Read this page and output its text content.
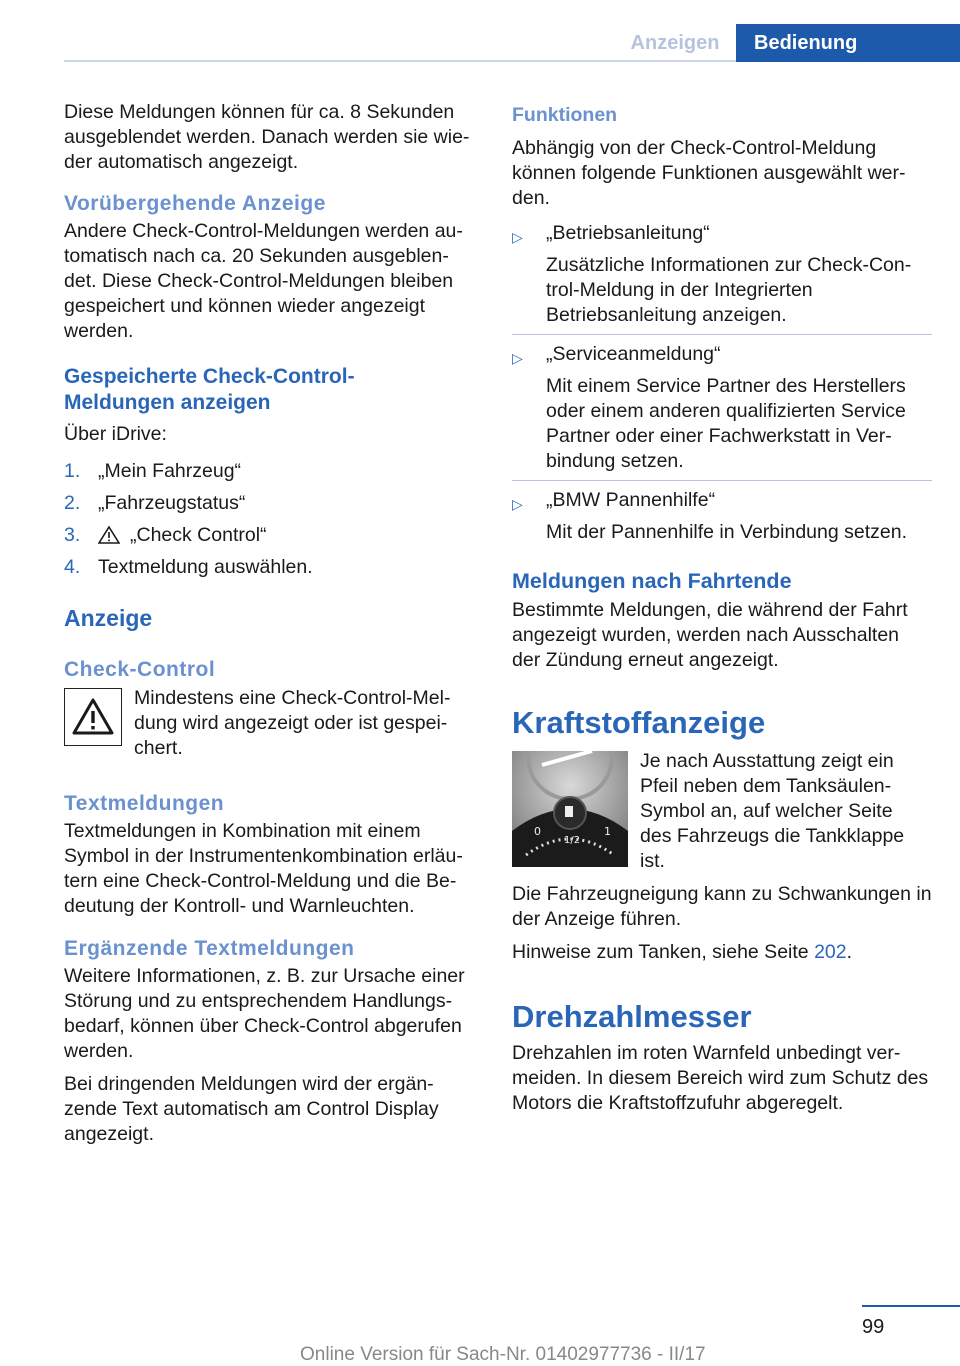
Anzeigen	Bedienung

Diese Meldungen können für ca. 8 Sekunden ausgeblendet werden. Danach werden sie wie- der automatisch angezeigt.

Vorübergehende Anzeige

Andere Check-Control-Meldungen werden au- tomatisch nach ca. 20 Sekunden ausgeblen- det. Diese Check-Control-Meldungen bleiben gespeichert und können wieder angezeigt werden.

Gespeicherte Check-Control- Meldungen anzeigen

Über iDrive:

1. „Mein Fahrzeug“
2. „Fahrzeugstatus“
3.	„Check Control“
4. Textmeldung auswählen.
Anzeige
Check-Control

Mindestens eine Check-Control-Mel- dung wird angezeigt oder ist gespei- chert.

Textmeldungen

Textmeldungen in Kombination mit einem Symbol in der Instrumentenkombination erläu- tern eine Check-Control-Meldung und die Be- deutung der Kontroll- und Warnleuchten.

Ergänzende Textmeldungen

Weitere Informationen, z. B. zur Ursache einer Störung und zu entsprechendem Handlungs- bedarf, können über Check-Control abgerufen werden.

Bei dringenden Meldungen wird der ergän- zende Text automatisch am Control Display angezeigt.

Funktionen

Abhängig von der Check-Control-Meldung können folgende Funktionen ausgewählt wer- den.

▷ „Betriebsanleitung“
Zusätzliche Informationen zur Check-Con- trol-Meldung in der Integrierten Betriebsanleitung anzeigen.
▷ „Serviceanmeldung“
Mit einem Service Partner des Herstellers oder einem anderen qualifizierten Service Partner oder einer Fachwerkstatt in Ver- bindung setzen.
▷ „BMW Pannenhilfe“
Mit der Pannenhilfe in Verbindung setzen.
Meldungen nach Fahrtende

Bestimmte Meldungen, die während der Fahrt angezeigt wurden, werden nach Ausschalten der Zündung erneut angezeigt.

Kraftstoffanzeige
0
1/2
1

Je nach Ausstattung zeigt ein Pfeil neben dem Tanksäulen- Symbol an, auf welcher Seite des Fahrzeugs die Tankklappe ist.

Die Fahrzeugneigung kann zu Schwankungen in der Anzeige führen.

Hinweise zum Tanken, siehe Seite 202.

Drehzahlmesser

Drehzahlen im roten Warnfeld unbedingt ver- meiden. In diesem Bereich wird zum Schutz des Motors die Kraftstoffzufuhr abgeregelt.

99
Online Version für Sach-Nr. 01402977736 - II/17
